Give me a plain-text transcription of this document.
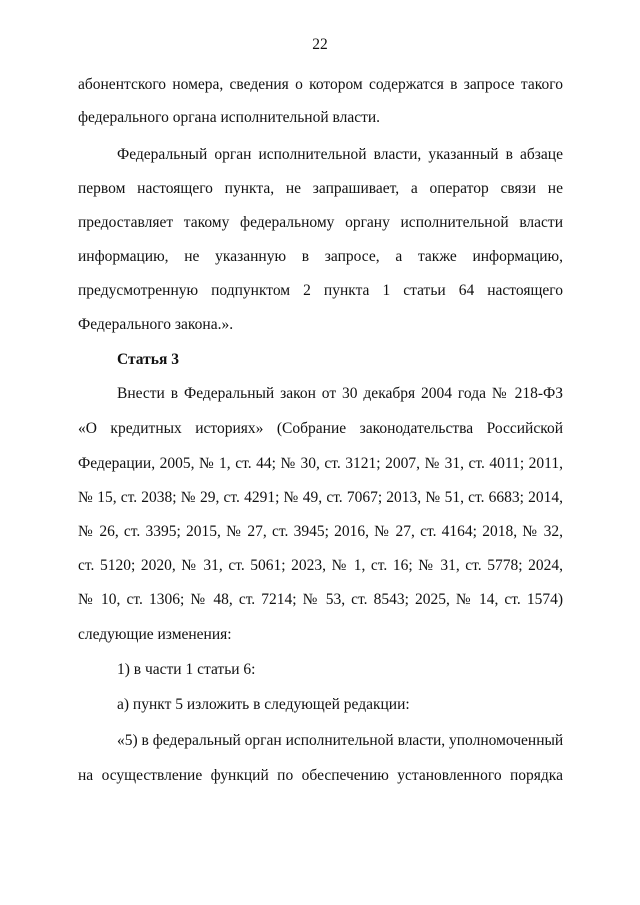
22
абонентского номера, сведения о котором содержатся в запросе такого
федерального органа исполнительной власти.
Федеральный орган исполнительной власти, указанный в абзаце
первом настоящего пункта, не запрашивает, а оператор связи не
предоставляет такому федеральному органу исполнительной власти
информацию, не указанную в запросе, а также информацию,
предусмотренную подпунктом 2 пункта 1 статьи 64 настоящего
Федерального закона.».
Статья 3
Внести в Федеральный закон от 30 декабря 2004 года № 218-ФЗ
«О кредитных историях» (Собрание законодательства Российской
Федерации, 2005, № 1, ст. 44; № 30, ст. 3121; 2007, № 31, ст. 4011; 2011,
№ 15, ст. 2038; № 29, ст. 4291; № 49, ст. 7067; 2013, № 51, ст. 6683; 2014,
№ 26, ст. 3395; 2015, № 27, ст. 3945; 2016, № 27, ст. 4164; 2018, № 32,
ст. 5120; 2020, № 31, ст. 5061; 2023, № 1, ст. 16; № 31, ст. 5778; 2024,
№ 10, ст. 1306; № 48, ст. 7214; № 53, ст. 8543; 2025, № 14, ст. 1574)
следующие изменения:
1) в части 1 статьи 6:
а) пункт 5 изложить в следующей редакции:
«5) в федеральный орган исполнительной власти, уполномоченный
на осуществление функций по обеспечению установленного порядка
